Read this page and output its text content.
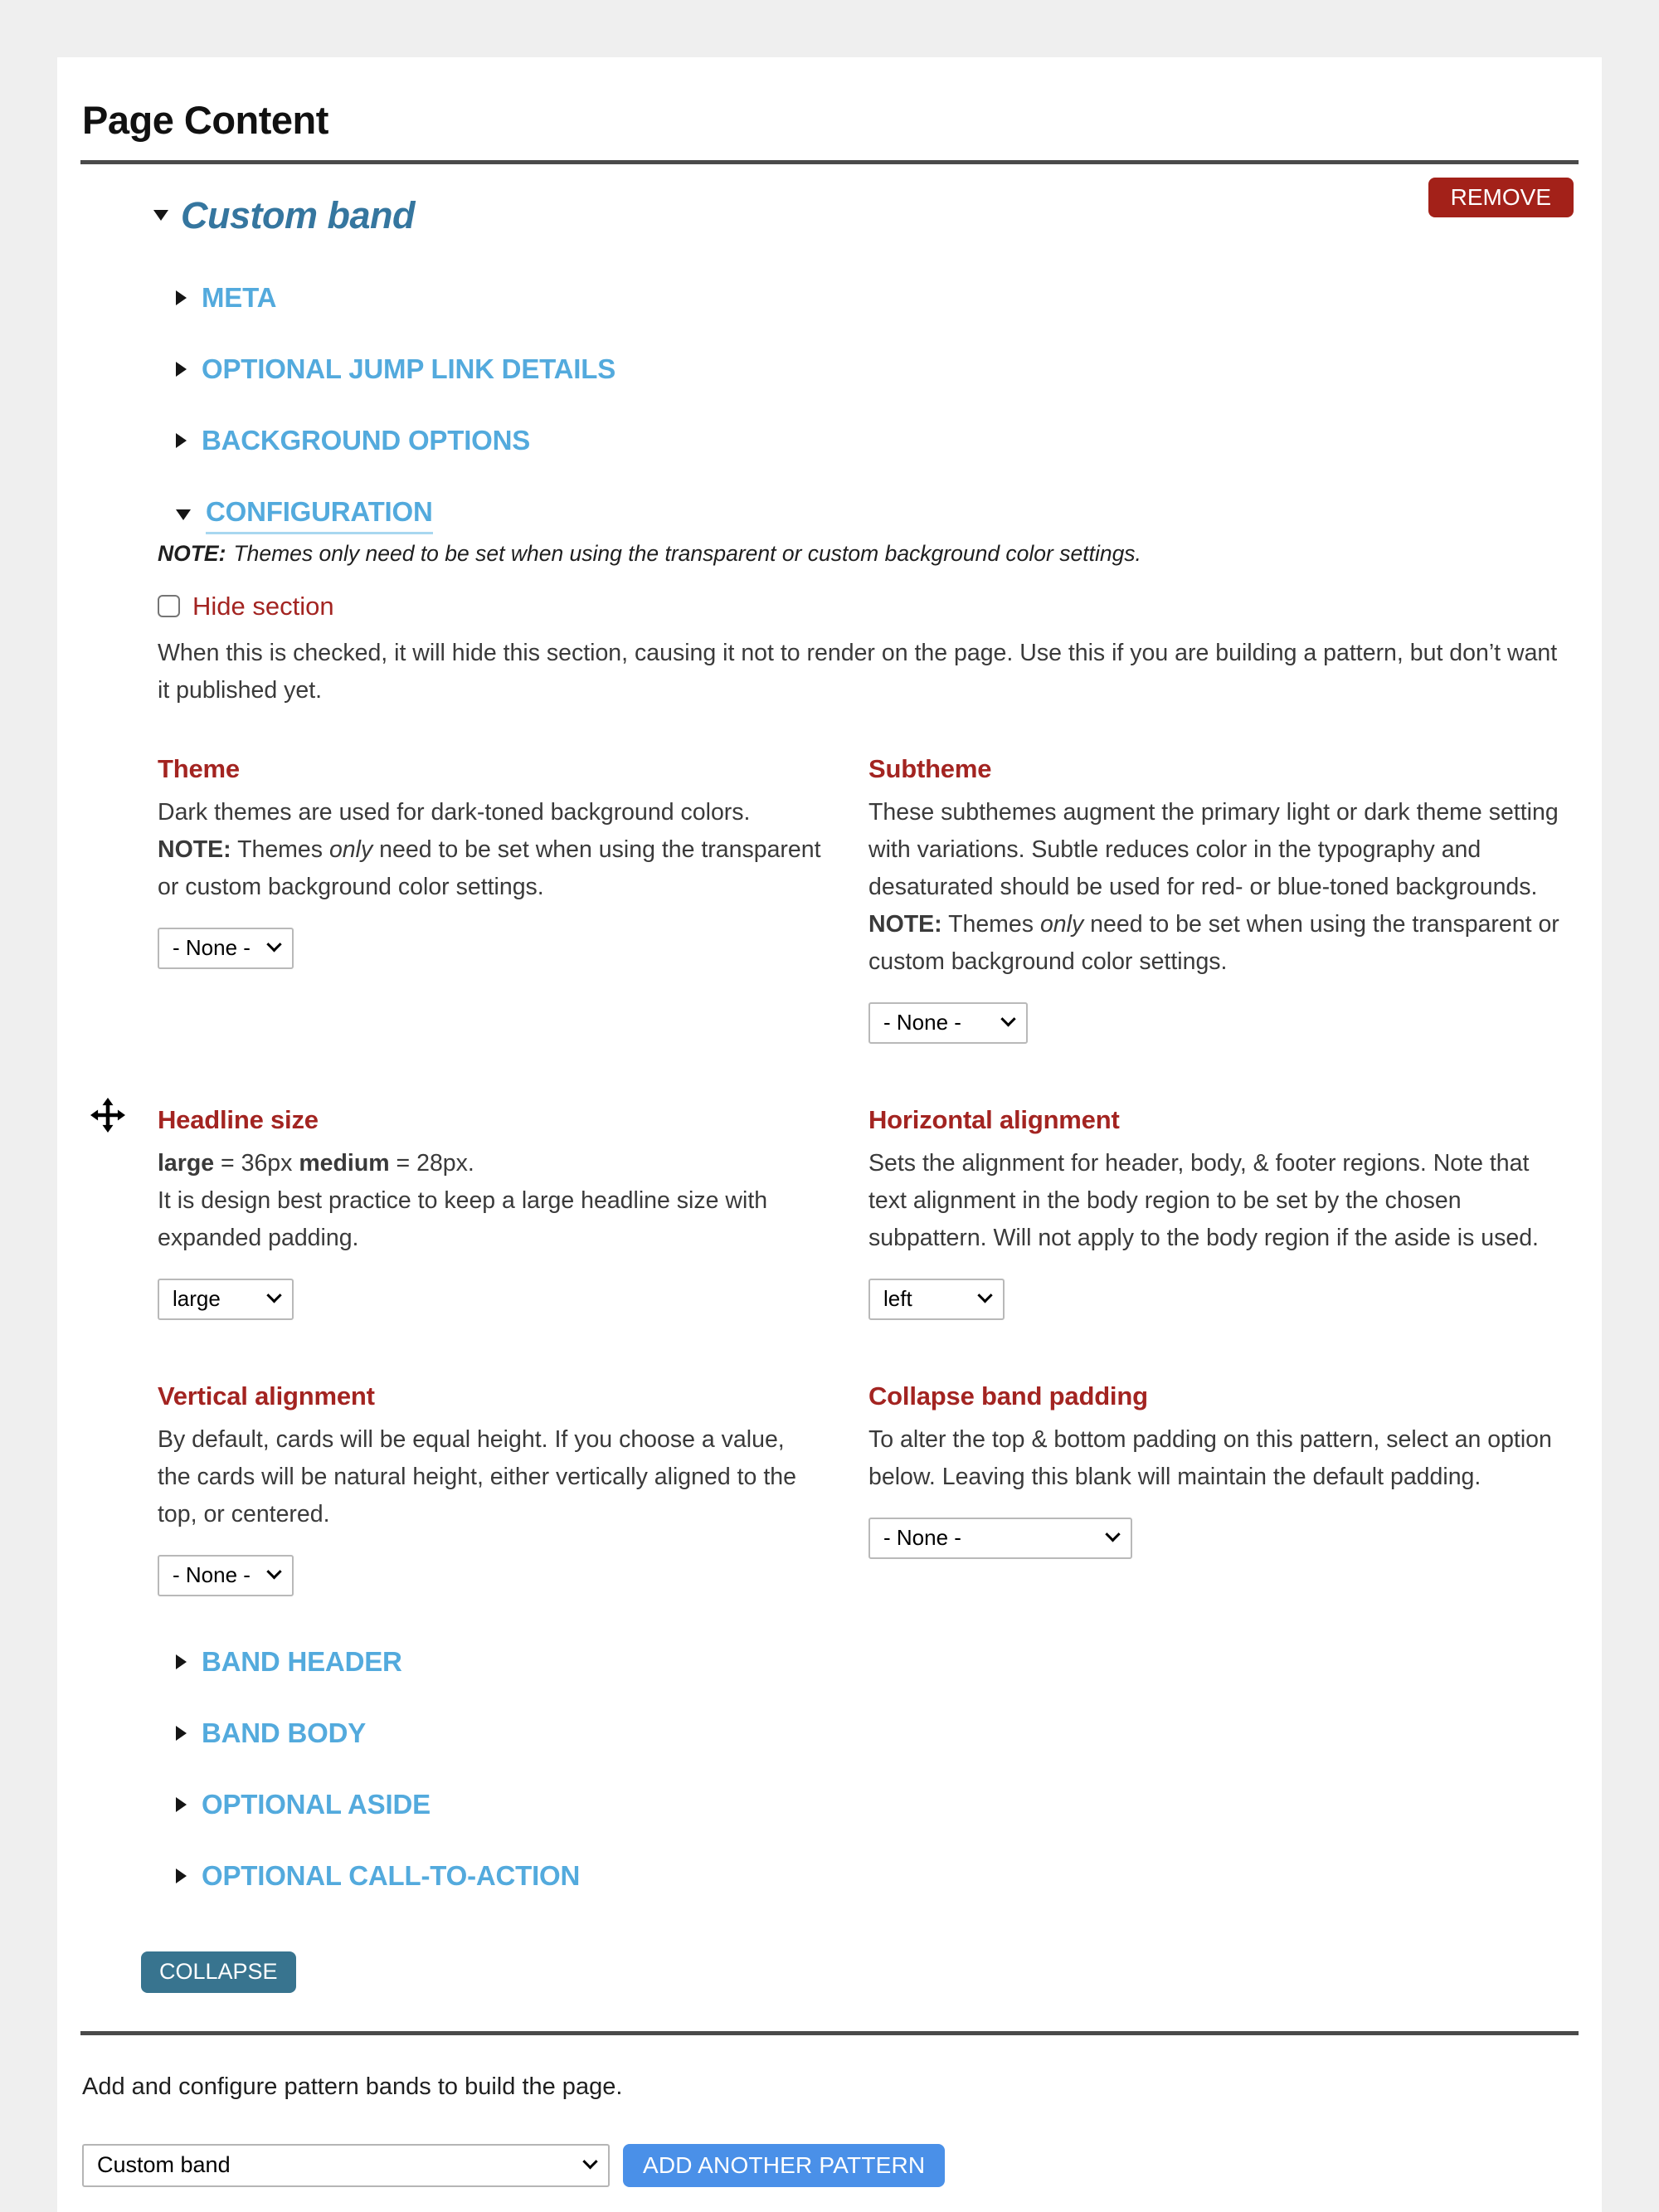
Page Content
Custom band	REMOVE
META
OPTIONAL JUMP LINK DETAILS
BACKGROUND OPTIONS
CONFIGURATION

NOTE: Themes only need to be set when using the transparent or custom background color settings.

Hide section

When this is checked, it will hide this section, causing it not to render on the page. Use this if you are building a pattern, but don’t want it published yet.

Theme
Dark themes are used for dark-toned background colors.
NOTE: Themes only need to be set when using the transparent or custom background color settings.
- None -
Subtheme
These subthemes augment the primary light or dark theme setting with variations. Subtle reduces color in the typography and desaturated should be used for red- or blue-toned backgrounds.
NOTE: Themes only need to be set when using the transparent or custom background color settings.
- None -
Headline size
large = 36px medium = 28px.
It is design best practice to keep a large headline size with expanded padding.
large
Horizontal alignment
Sets the alignment for header, body, & footer regions. Note that text alignment in the body region to be set by the chosen subpattern. Will not apply to the body region if the aside is used.
left
Vertical alignment
By default, cards will be equal height. If you choose a value, the cards will be natural height, either vertically aligned to the top, or centered.
- None -
Collapse band padding
To alter the top & bottom padding on this pattern, select an option below. Leaving this blank will maintain the default padding.
- None -
BAND HEADER
BAND BODY
OPTIONAL ASIDE
OPTIONAL CALL-TO-ACTION
COLLAPSE

Add and configure pattern bands to build the page.

Custom band	ADD ANOTHER PATTERN
